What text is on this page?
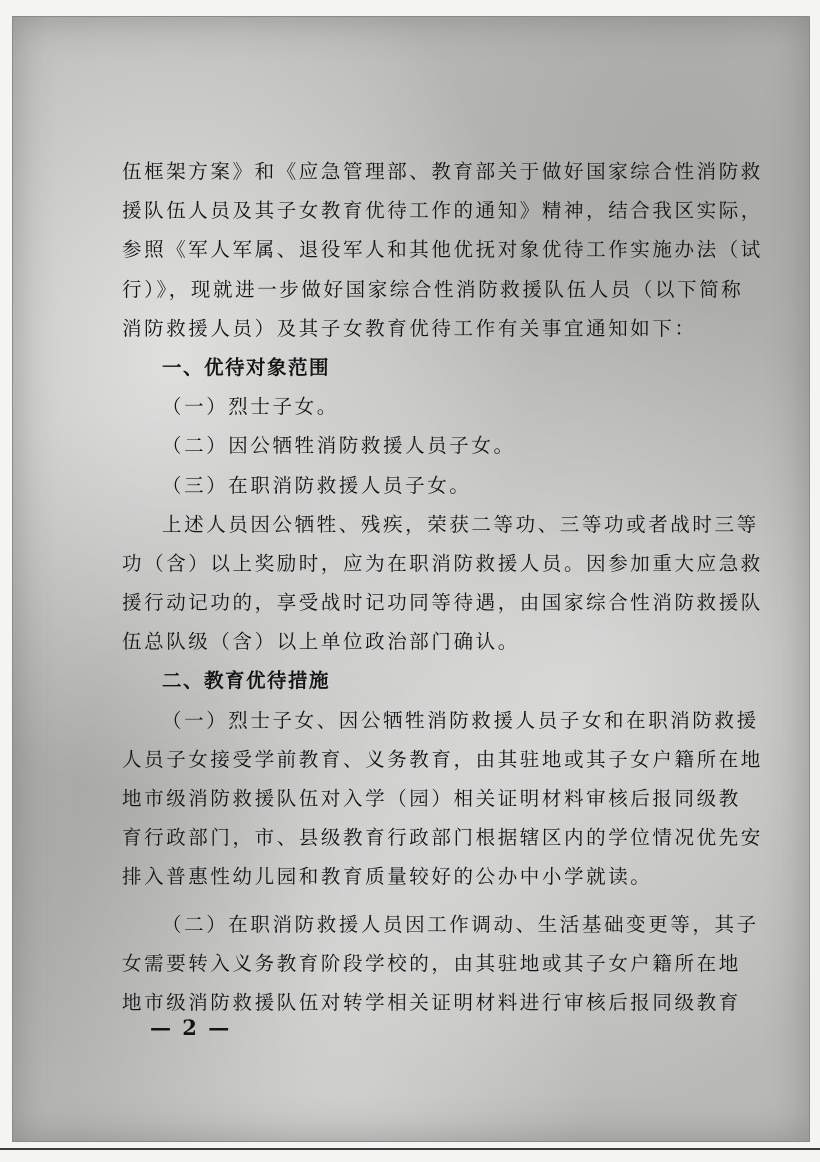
伍框架方案》和《应急管理部、教育部关于做好国家综合性消防救
援队伍人员及其子女教育优待工作的通知》精神，结合我区实际，
参照《军人军属、退役军人和其他优抚对象优待工作实施办法（试
行）》，现就进一步做好国家综合性消防救援队伍人员（以下简称
消防救援人员）及其子女教育优待工作有关事宜通知如下：
一、优待对象范围
（一）烈士子女。
（二）因公牺牲消防救援人员子女。
（三）在职消防救援人员子女。
上述人员因公牺牲、残疾，荣获二等功、三等功或者战时三等
功（含）以上奖励时，应为在职消防救援人员。因参加重大应急救
援行动记功的，享受战时记功同等待遇，由国家综合性消防救援队
伍总队级（含）以上单位政治部门确认。
二、教育优待措施
（一）烈士子女、因公牺牲消防救援人员子女和在职消防救援
人员子女接受学前教育、义务教育，由其驻地或其子女户籍所在地
地市级消防救援队伍对入学（园）相关证明材料审核后报同级教
育行政部门，市、县级教育行政部门根据辖区内的学位情况优先安
排入普惠性幼儿园和教育质量较好的公办中小学就读。
（二）在职消防救援人员因工作调动、生活基础变更等，其子
女需要转入义务教育阶段学校的，由其驻地或其子女户籍所在地
地市级消防救援队伍对转学相关证明材料进行审核后报同级教育
— 2 —
